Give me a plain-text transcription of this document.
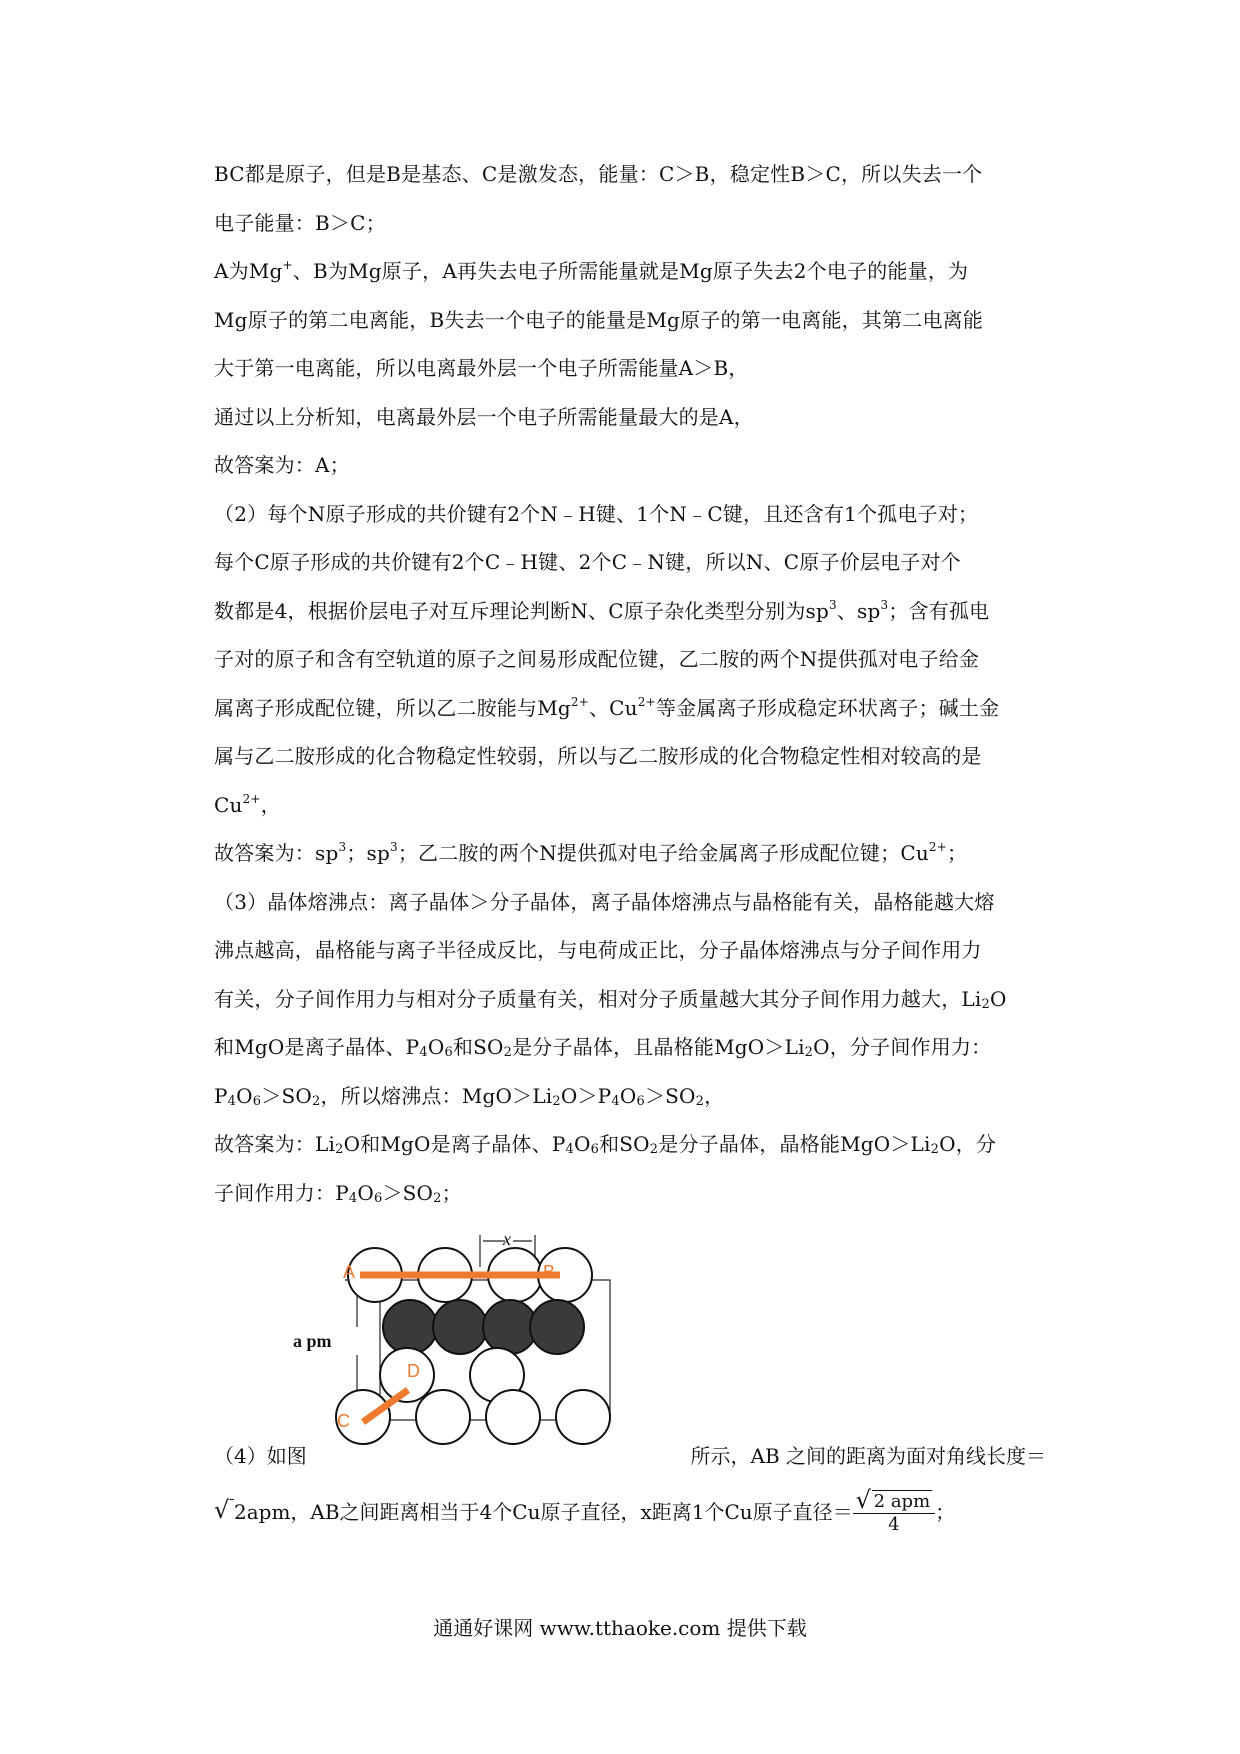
BC都是原子，但是B是基态、C是激发态，能量：C＞B，稳定性B＞C，所以失去一个
电子能量：B＞C；
A为Mg+、B为Mg原子，A再失去电子所需能量就是Mg原子失去2个电子的能量，为
Mg原子的第二电离能，B失去一个电子的能量是Mg原子的第一电离能，其第二电离能
大于第一电离能，所以电离最外层一个电子所需能量A＞B，
通过以上分析知，电离最外层一个电子所需能量最大的是A，
故答案为：A；
（2）每个N原子形成的共价键有2个N﹣H键、1个N﹣C键，且还含有1个孤电子对；
每个C原子形成的共价键有2个C﹣H键、2个C﹣N键，所以N、C原子价层电子对个
数都是4，根据价层电子对互斥理论判断N、C原子杂化类型分别为$sp^3$、$sp^3$；含有孤电
子对的原子和含有空轨道的原子之间易形成配位键，乙二胺的两个N提供孤对电子给金
属离子形成配位键，所以乙二胺能与$Mg^{2+}$、$Cu^{2+}$等金属离子形成稳定环状离子；碱土金
属与乙二胺形成的化合物稳定性较弱，所以与乙二胺形成的化合物稳定性相对较高的是
$Cu^{2+}$，
故答案为：$sp^3$；$sp^3$；乙二胺的两个N提供孤对电子给金属离子形成配位键；$Cu^{2+}$；
（3）晶体熔沸点：离子晶体＞分子晶体，离子晶体熔沸点与晶格能有关，晶格能越大熔
沸点越高，晶格能与离子半径成反比，与电荷成正比，分子晶体熔沸点与分子间作用力
有关，分子间作用力与相对分子质量有关，相对分子质量越大其分子间作用力越大，$Li_2O$
和MgO是离子晶体、$P_4O_6$和$SO_2$是分子晶体，且晶格能$MgO>Li_2O$，分子间作用力：
$P_4O_6>SO_2$，所以熔沸点：$MgO>Li_2O>P_4O_6>SO_2$，
故答案为：$Li_2O$和MgO是离子晶体、$P_4O_6$和$SO_2$是分子晶体，晶格能$MgO>Li_2O$，分
子间作用力：$P_4O_6>SO_2$；
A	B
C
D
x
a pm
（4）如图	所示，AB 之间的距离为面对角线长度＝
√ 2apm，AB之间距离相当于4个Cu原子直径，x距离1个Cu原子直径＝ $\frac{\text{√ 2 apm}}{4}$ ；
通通好课网 www.tthaoke.com 提供下载
